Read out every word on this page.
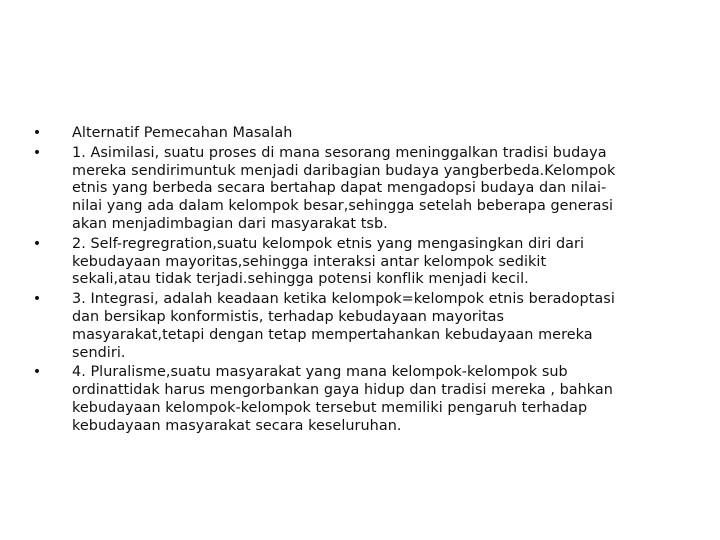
• Alternatif Pemecahan Masalah
• 1. Asimilasi, suatu proses di mana sesorang meninggalkan tradisi budaya
mereka sendirimuntuk menjadi daribagian budaya yangberbeda.Kelompok
etnis yang berbeda secara bertahap dapat mengadopsi budaya dan nilai-
nilai yang ada dalam kelompok besar,sehingga setelah beberapa generasi
akan menjadimbagian dari masyarakat tsb.
• 2. Self-regregration,suatu kelompok etnis yang mengasingkan diri dari
kebudayaan mayoritas,sehingga interaksi antar kelompok sedikit
sekali,atau tidak terjadi.sehingga potensi konflik menjadi kecil.
• 3. Integrasi, adalah keadaan ketika kelompok=kelompok etnis beradoptasi
dan bersikap konformistis, terhadap kebudayaan mayoritas
masyarakat,tetapi dengan tetap mempertahankan kebudayaan mereka
sendiri.
• 4. Pluralisme,suatu masyarakat yang mana kelompok-kelompok sub
ordinattidak harus mengorbankan gaya hidup dan tradisi mereka , bahkan
kebudayaan kelompok-kelompok tersebut memiliki pengaruh terhadap
kebudayaan masyarakat secara keseluruhan.
